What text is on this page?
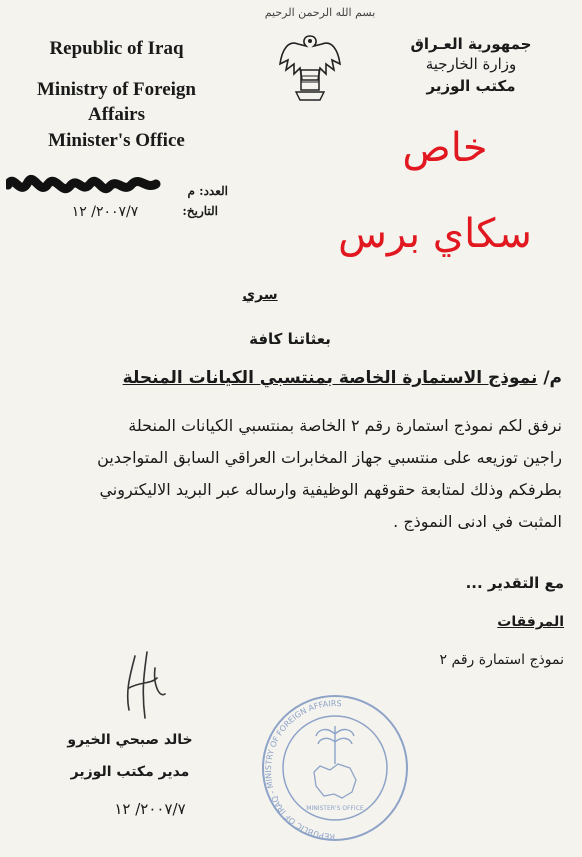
بسم الله الرحمن الرحيم
Republic of Iraq
Ministry of Foreign Affairs
Minister's Office
جمهورية العـراق
وزارة الخارجية
مكتب الوزير
خاص
سكاي برس
العدد: م
التاريخ:
٢٠٠٧/٧/ ١٢
سري
بعثاتنا كافة
م/ نموذج الاستمارة الخاصة بمنتسبي الكيانات المنحلة
نرفق لكم نموذج استمارة رقم ٢ الخاصة بمنتسبي الكيانات المنحلة
راجين توزيعه على منتسبي جهاز المخابرات العراقي السابق المتواجدين
بطرفكم وذلك لمتابعة حقوقهم الوظيفية وارساله عبر البريد الاليكتروني
المثبت في ادنى النموذج .
مع التقدير ...
المرفقات
نموذج استمارة رقم ٢
خالد صبحي الخيرو
مدير مكتب الوزير
٢٠٠٧/٧/ ١٢
REPUBLIC OF IRAQ - MINISTRY OF FOREIGN AFFAIRS
MINISTER'S OFFICE
